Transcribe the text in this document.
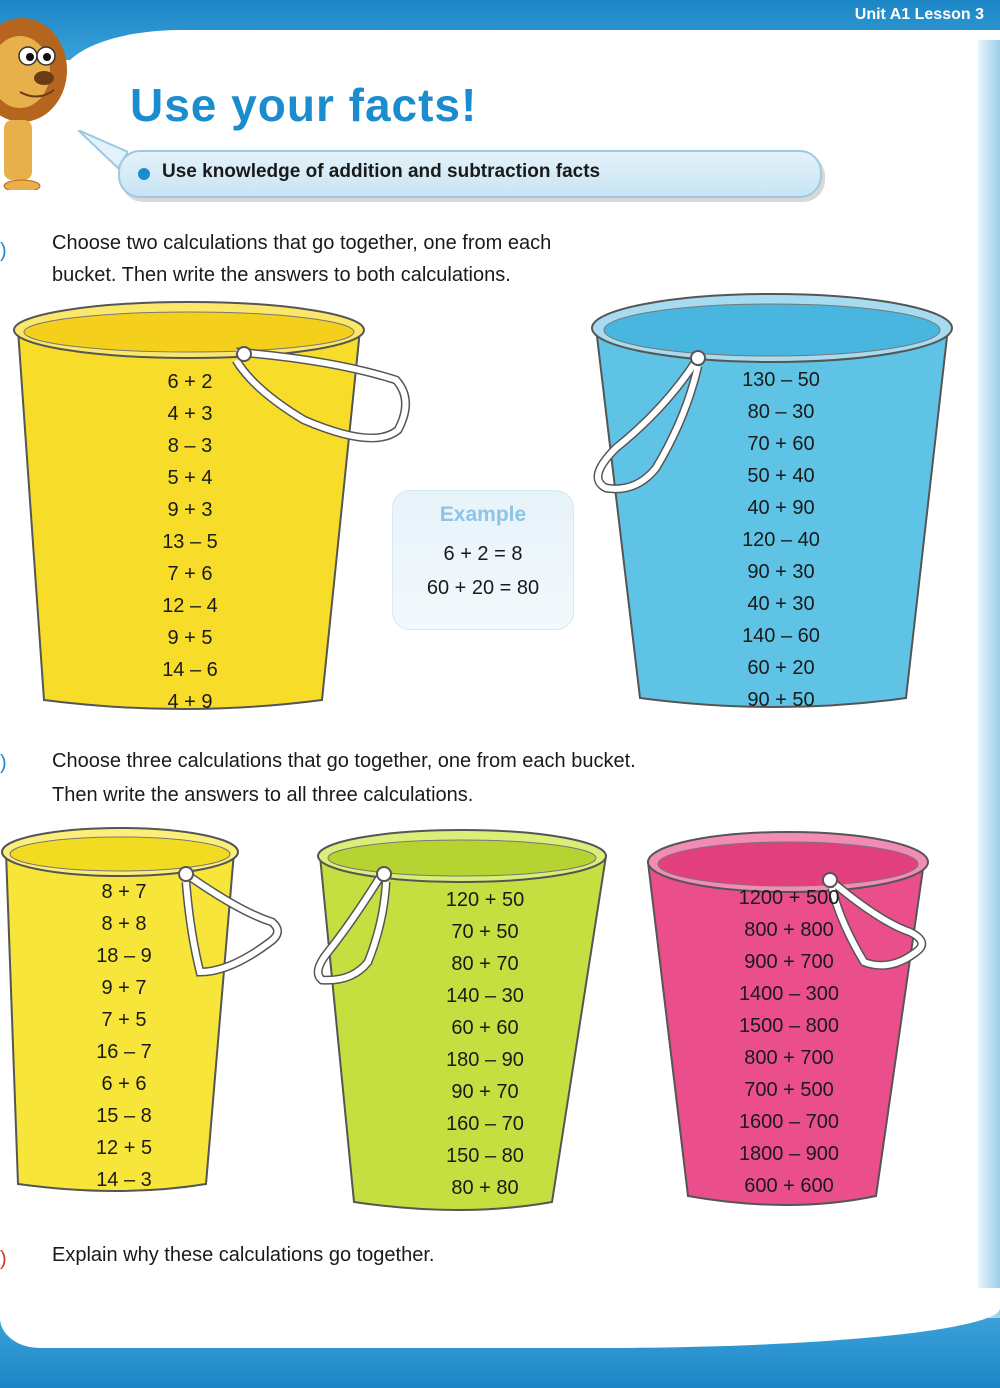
Unit A1 Lesson 3
Use your facts!
Use knowledge of addition and subtraction facts
) Choose two calculations that go together, one from each
bucket. Then write the answers to both calculations.
6 + 2
4 + 3
8 – 3
5 + 4
9 + 3
13 – 5
7 + 6
12 – 4
9 + 5
14 – 6
4 + 9
Example
6 + 2 = 8
60 + 20 = 80
130 – 50
80 – 30
70 + 60
50 + 40
40 + 90
120 – 40
90 + 30
40 + 30
140 – 60
60 + 20
90 + 50
) Choose three calculations that go together, one from each bucket.
Then write the answers to all three calculations.
8 + 7
8 + 8
18 – 9
9 + 7
7 + 5
16 – 7
6 + 6
15 – 8
12 + 5
14 – 3
120 + 50
70 + 50
80 + 70
140 – 30
60 + 60
180 – 90
90 + 70
160 – 70
150 – 80
80 + 80
1200 + 500
800 + 800
900 + 700
1400 – 300
1500 – 800
800 + 700
700 + 500
1600 – 700
1800 – 900
600 + 600
) Explain why these calculations go together.
